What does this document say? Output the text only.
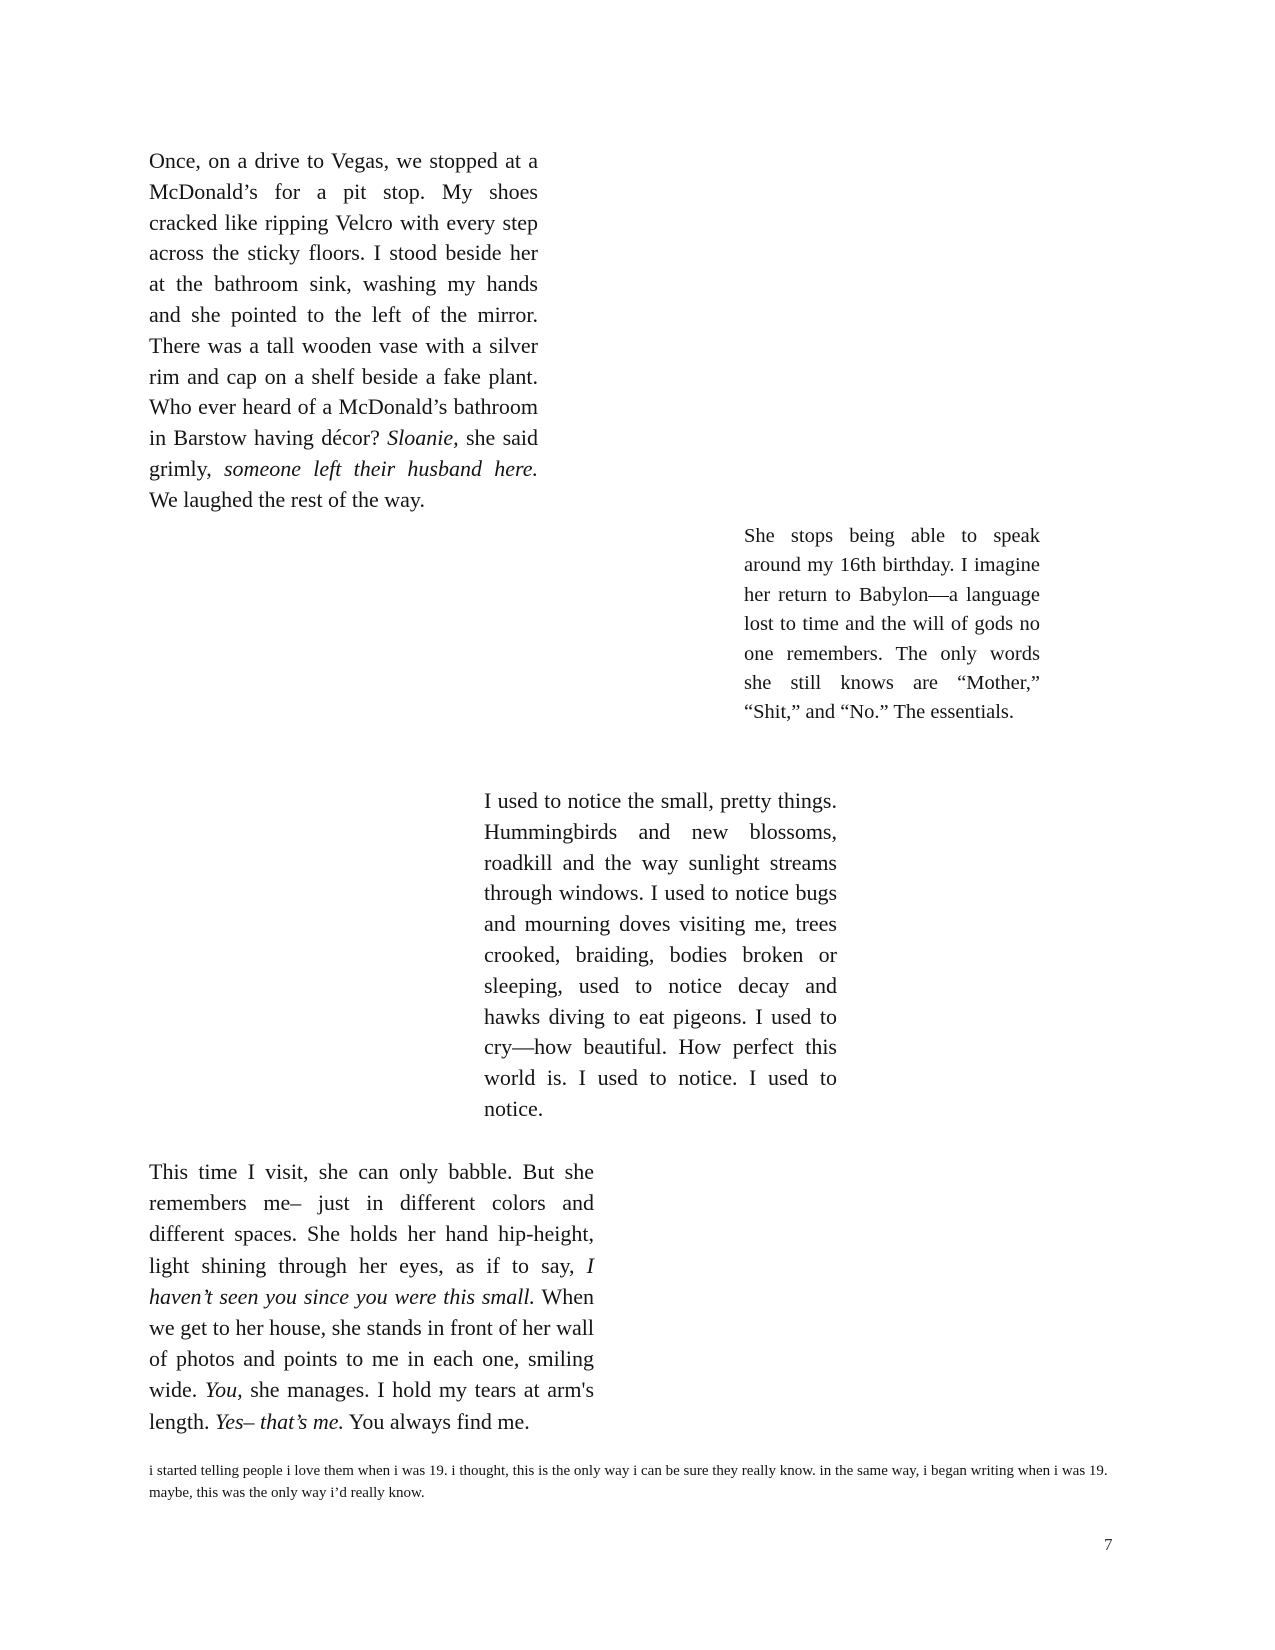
Once, on a drive to Vegas, we stopped at a McDonald’s for a pit stop. My shoes cracked like ripping Velcro with every step across the sticky floors. I stood beside her at the bathroom sink, washing my hands and she pointed to the left of the mirror. There was a tall wooden vase with a silver rim and cap on a shelf beside a fake plant. Who ever heard of a McDonald’s bathroom in Barstow having décor? Sloanie, she said grimly, someone left their husband here. We laughed the rest of the way.

She stops being able to speak around my 16th birthday. I imagine her return to Babylon—a language lost to time and the will of gods no one remembers. The only words she still knows are “Mother,” “Shit,” and “No.” The essentials.

I used to notice the small, pretty things. Hummingbirds and new blossoms, roadkill and the way sunlight streams through windows. I used to notice bugs and mourning doves visiting me, trees crooked, braiding, bodies broken or sleeping, used to notice decay and hawks diving to eat pigeons. I used to cry—how beautiful. How perfect this world is. I used to notice. I used to notice.

This time I visit, she can only babble. But she remembers me– just in different colors and different spaces. She holds her hand hip-height, light shining through her eyes, as if to say, I haven’t seen you since you were this small. When we get to her house, she stands in front of her wall of photos and points to me in each one, smiling wide. You, she manages. I hold my tears at arm's length. Yes– that’s me. You always find me.

i started telling people i love them when i was 19. i thought, this is the only way i can be sure they really know. in the same way, i began writing when i was 19. maybe, this was the only way i’d really know.

7
